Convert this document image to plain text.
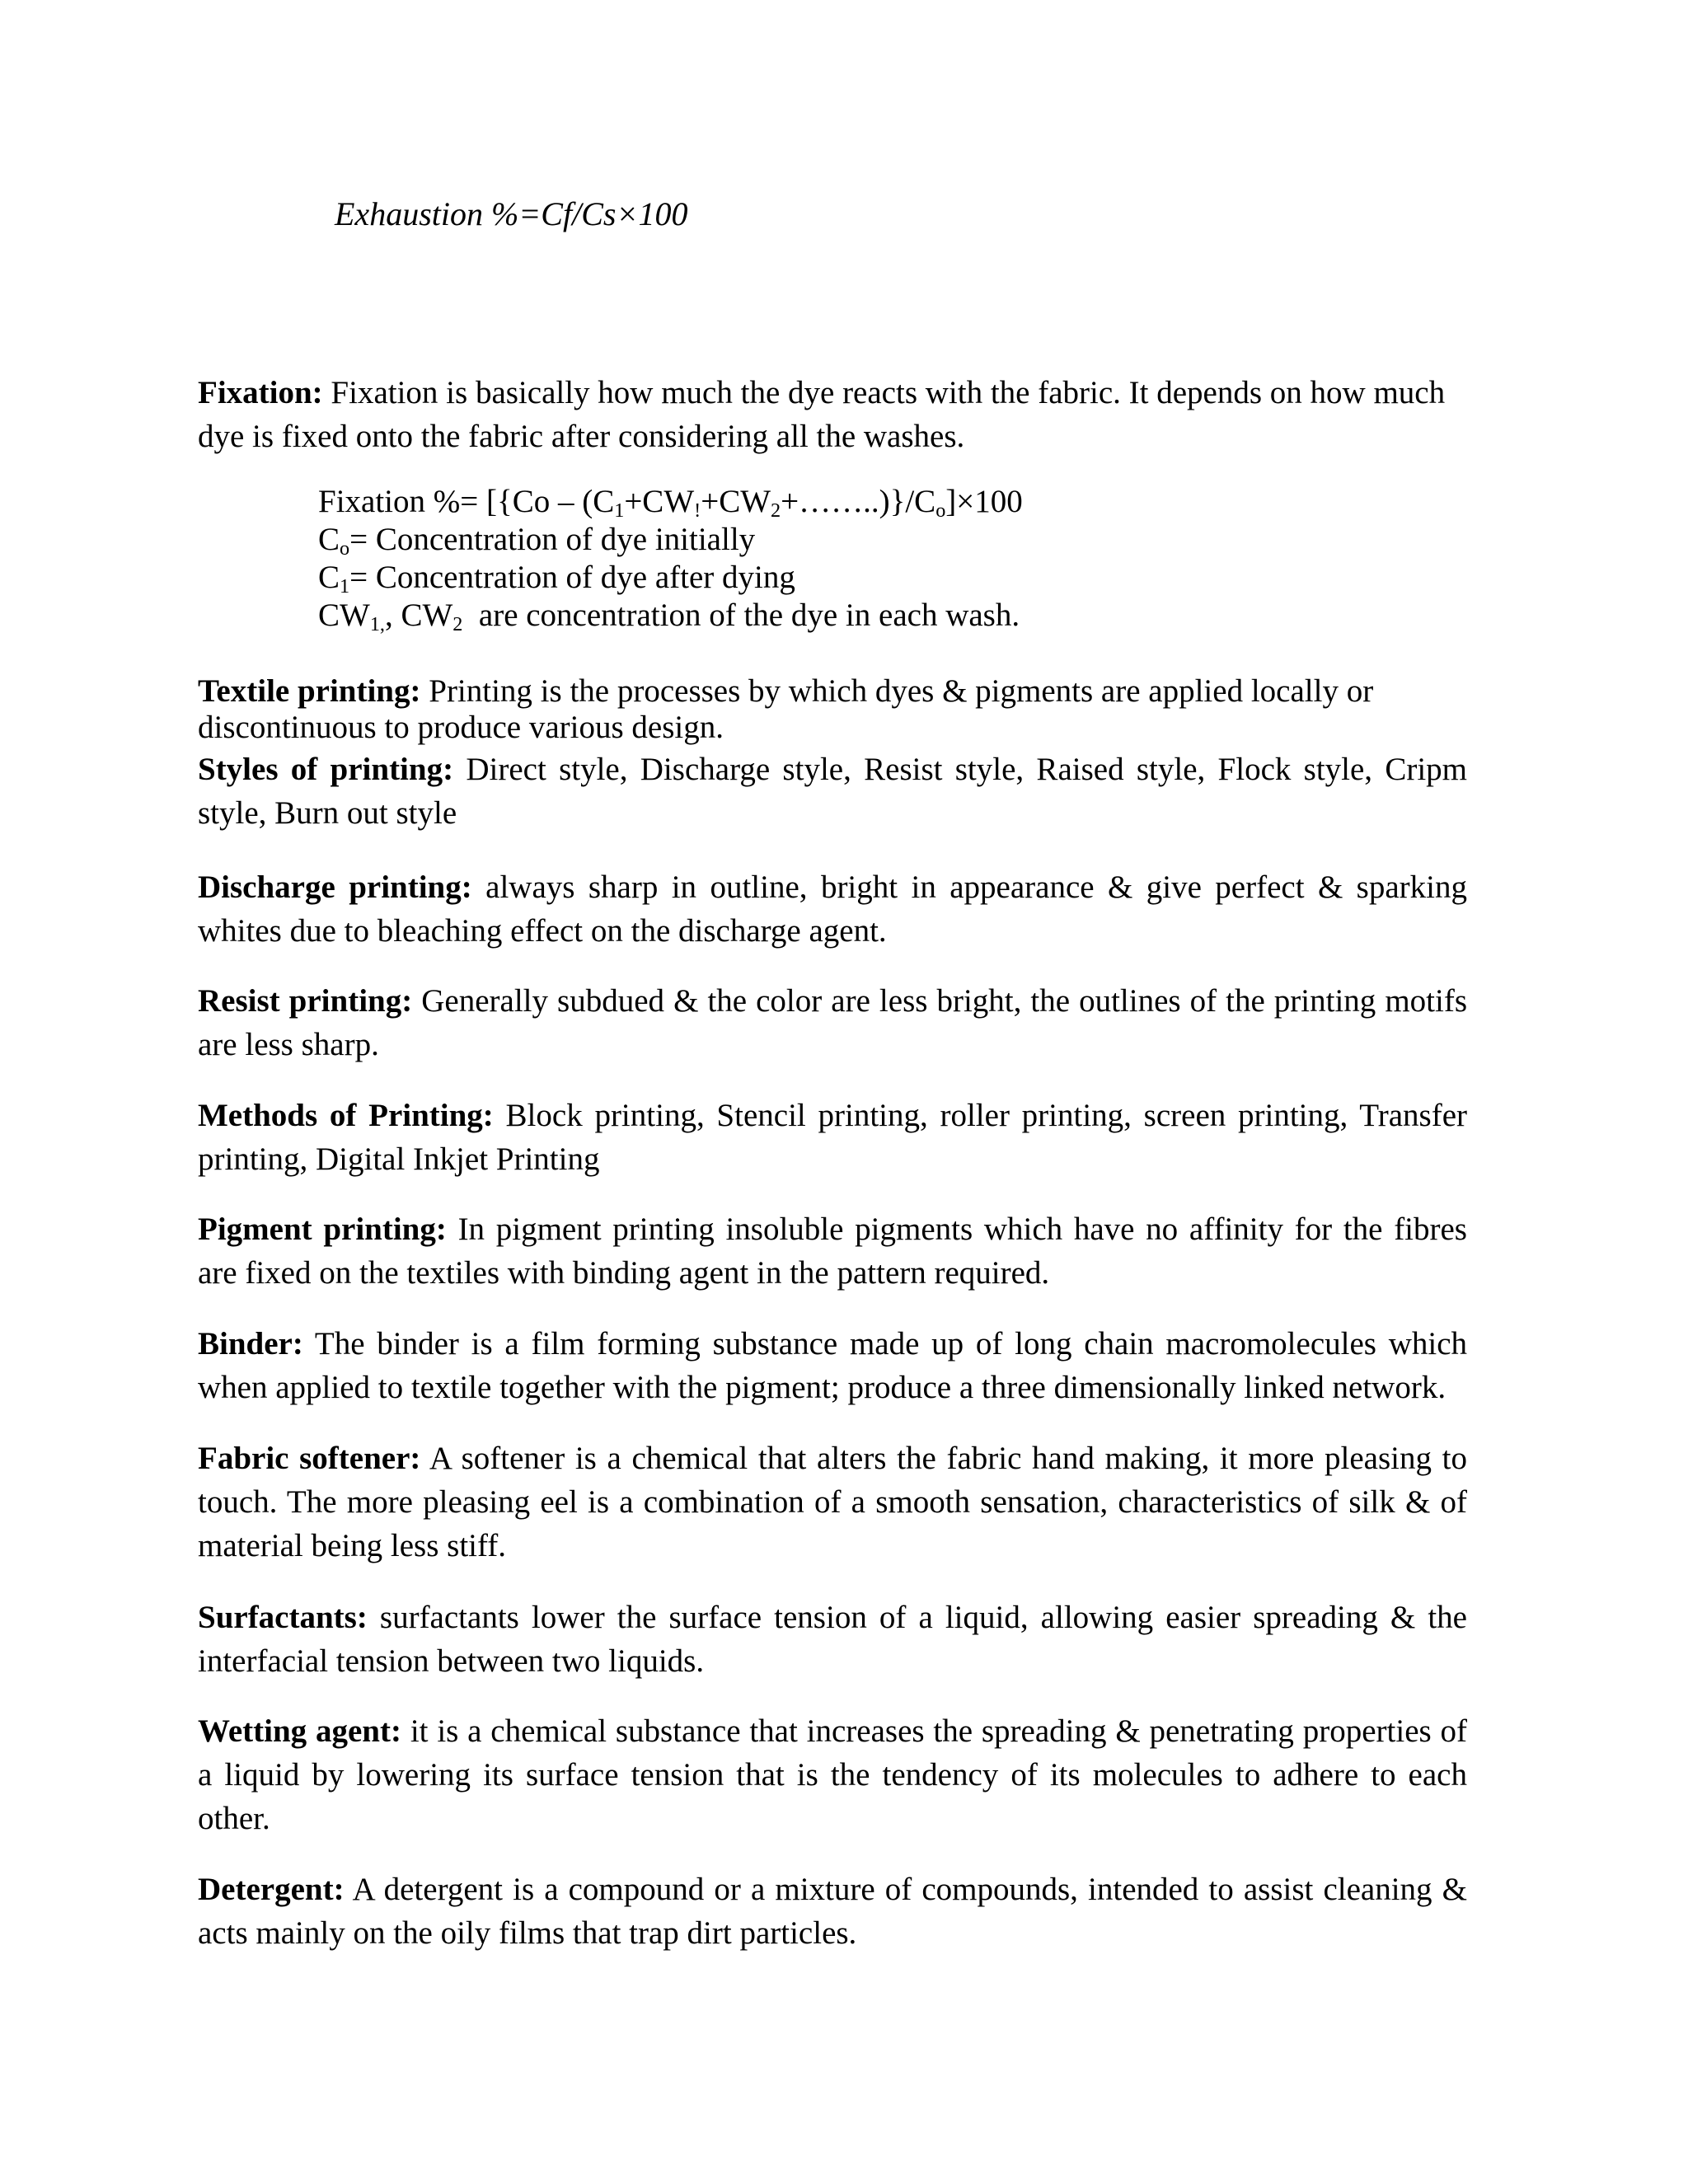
Exhaustion %=Cf/Cs×100
Fixation: Fixation is basically how much the dye reacts with the fabric. It depends on how much dye is fixed onto the fabric after considering all the washes.
Fixation %= $[\{Co - (C_1+CW_!+CW_2+\dots\dots..)\}/C_o]\times 100$
$C_o=$ Concentration of dye initially
$C_1=$ Concentration of dye after dying
$CW_{1,}$, $CW_2$  are concentration of the dye in each wash.
Textile printing: Printing is the processes by which dyes & pigments are applied locally or discontinuous to produce various design.
Styles of printing: Direct style, Discharge style, Resist style, Raised style, Flock style, Cripm style, Burn out style
Discharge printing: always sharp in outline, bright in appearance & give perfect & sparking whites due to bleaching effect on the discharge agent.
Resist printing: Generally subdued & the color are less bright, the outlines of the printing motifs are less sharp.
Methods of Printing: Block printing, Stencil printing, roller printing, screen printing, Transfer printing, Digital Inkjet Printing
Pigment printing: In pigment printing insoluble pigments which have no affinity for the fibres are fixed on the textiles with binding agent in the pattern required.
Binder: The binder is a film forming substance made up of long chain macromolecules which when applied to textile together with the pigment; produce a three dimensionally linked network.
Fabric softener: A softener is a chemical that alters the fabric hand making, it more pleasing to touch. The more pleasing eel is a combination of a smooth sensation, characteristics of silk & of material being less stiff.
Surfactants: surfactants lower the surface tension of a liquid, allowing easier spreading & the interfacial tension between two liquids.
Wetting agent: it is a chemical substance that increases the spreading & penetrating properties of a liquid by lowering its surface tension that is the tendency of its molecules to adhere to each other.
Detergent: A detergent is a compound or a mixture of compounds, intended to assist cleaning & acts mainly on the oily films that trap dirt particles.
